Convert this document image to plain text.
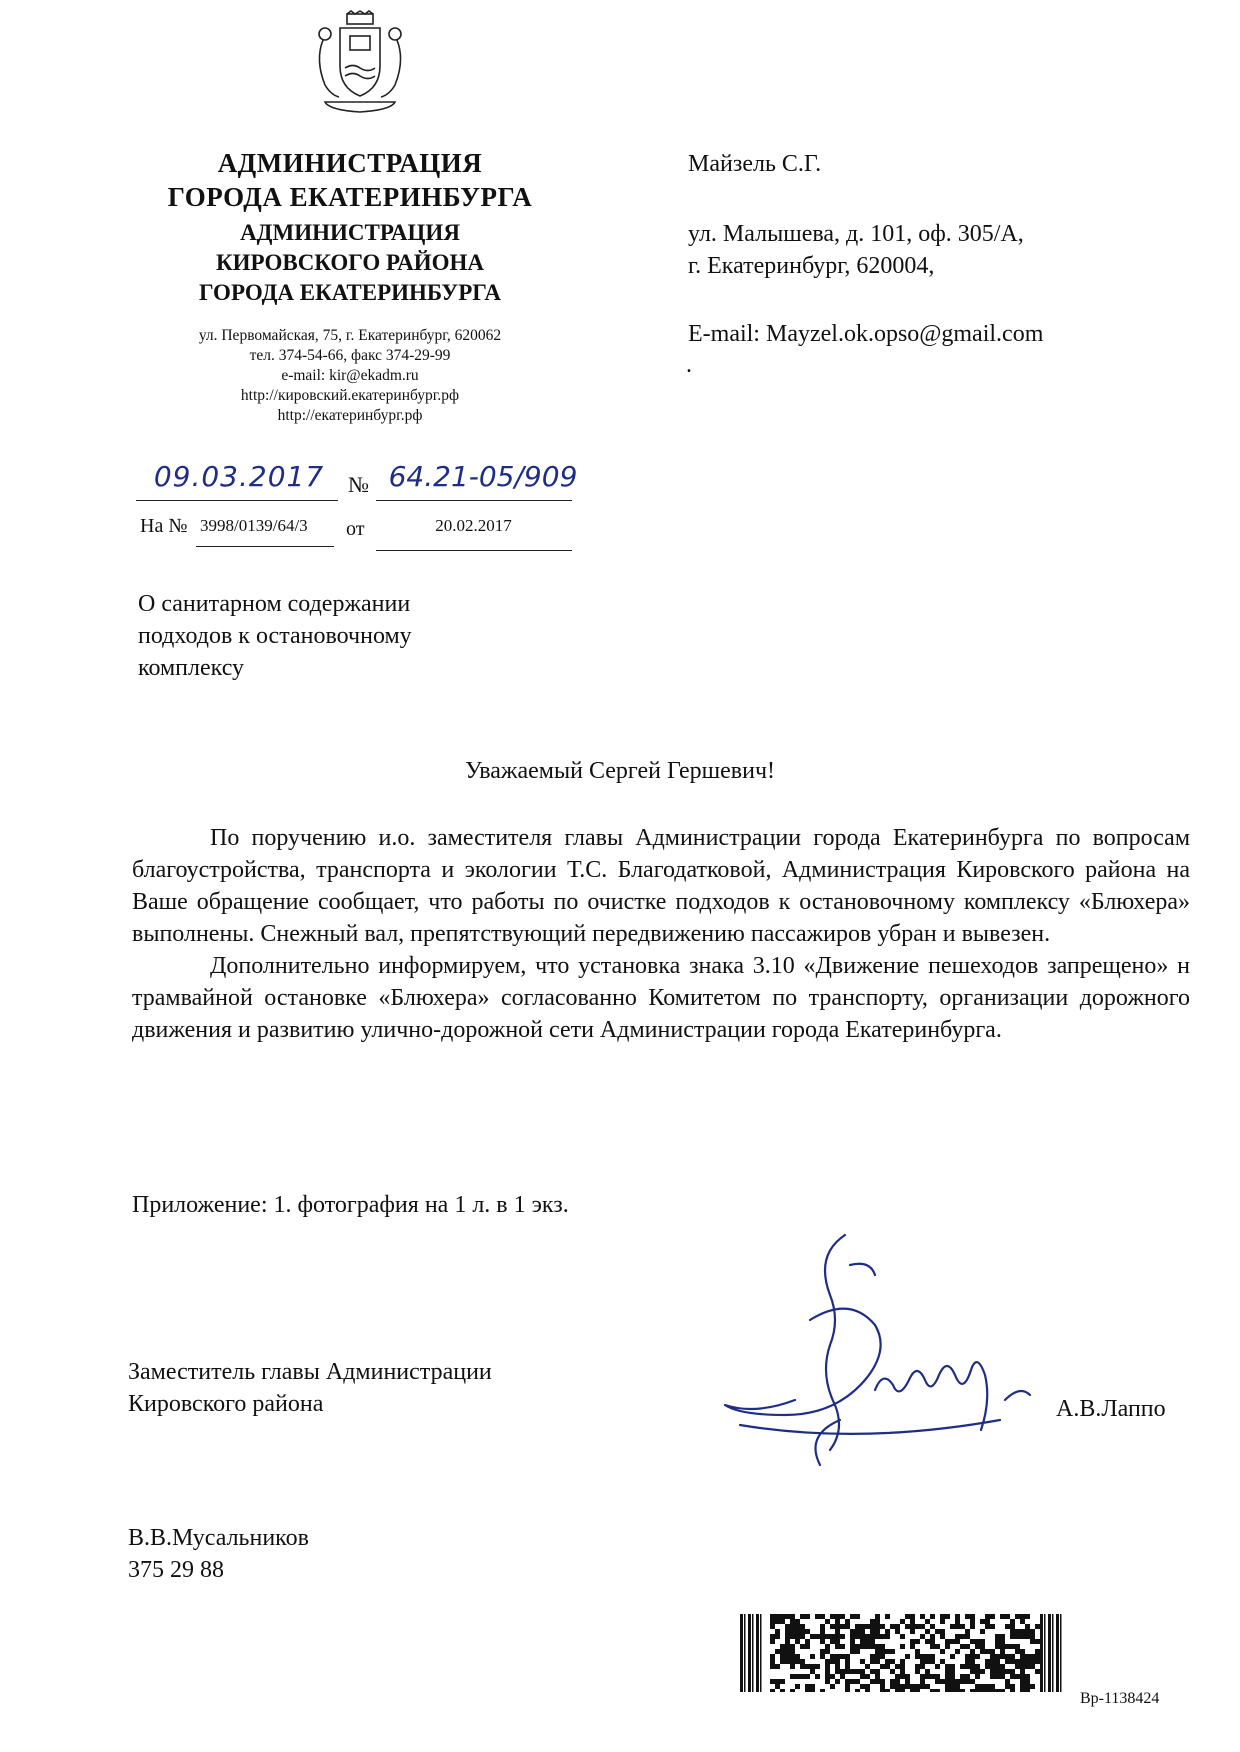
АДМИНИСТРАЦИЯ
ГОРОДА ЕКАТЕРИНБУРГА
АДМИНИСТРАЦИЯ
КИРОВСКОГО РАЙОНА
ГОРОДА ЕКАТЕРИНБУРГА
ул. Первомайская, 75, г. Екатеринбург, 620062
тел. 374-54-66, факс 374-29-99
e-mail: kir@ekadm.ru
http://кировский.екатеринбург.рф
http://екатеринбург.рф
Майзель С.Г.
ул. Малышева, д. 101, оф. 305/А,
г. Екатеринбург, 620004,
E-mail: Mayzel.ok.opso@gmail.com
.
09.03.2017	№ 64.21-05/909
На № 3998/0139/64/3 от	20.02.2017
О санитарном содержании
подходов к остановочному
комплексу
Уважаемый Сергей Гершевич!

По поручению и.о. заместителя главы Администрации города Екатеринбурга по вопросам благоустройства, транспорта и экологии Т.С. Благодатковой, Администрация Кировского района на Ваше обращение сообщает, что работы по очистке подходов к остановочному комплексу «Блюхера» выполнены. Снежный вал, препятствующий передвижению пассажиров убран и вывезен.

Дополнительно информируем, что установка знака 3.10 «Движение пешеходов запрещено» н трамвайной остановке «Блюхера» согласованно Комитетом по транспорту, организации дорожного движения и развитию улично-дорожной сети Администрации города Екатеринбурга.

Приложение: 1. фотография на 1 л. в 1 экз.
Заместитель главы Администрации
Кировского района	А.В.Лаппо
В.В.Мусальников
375 29 88
Вр-1138424
